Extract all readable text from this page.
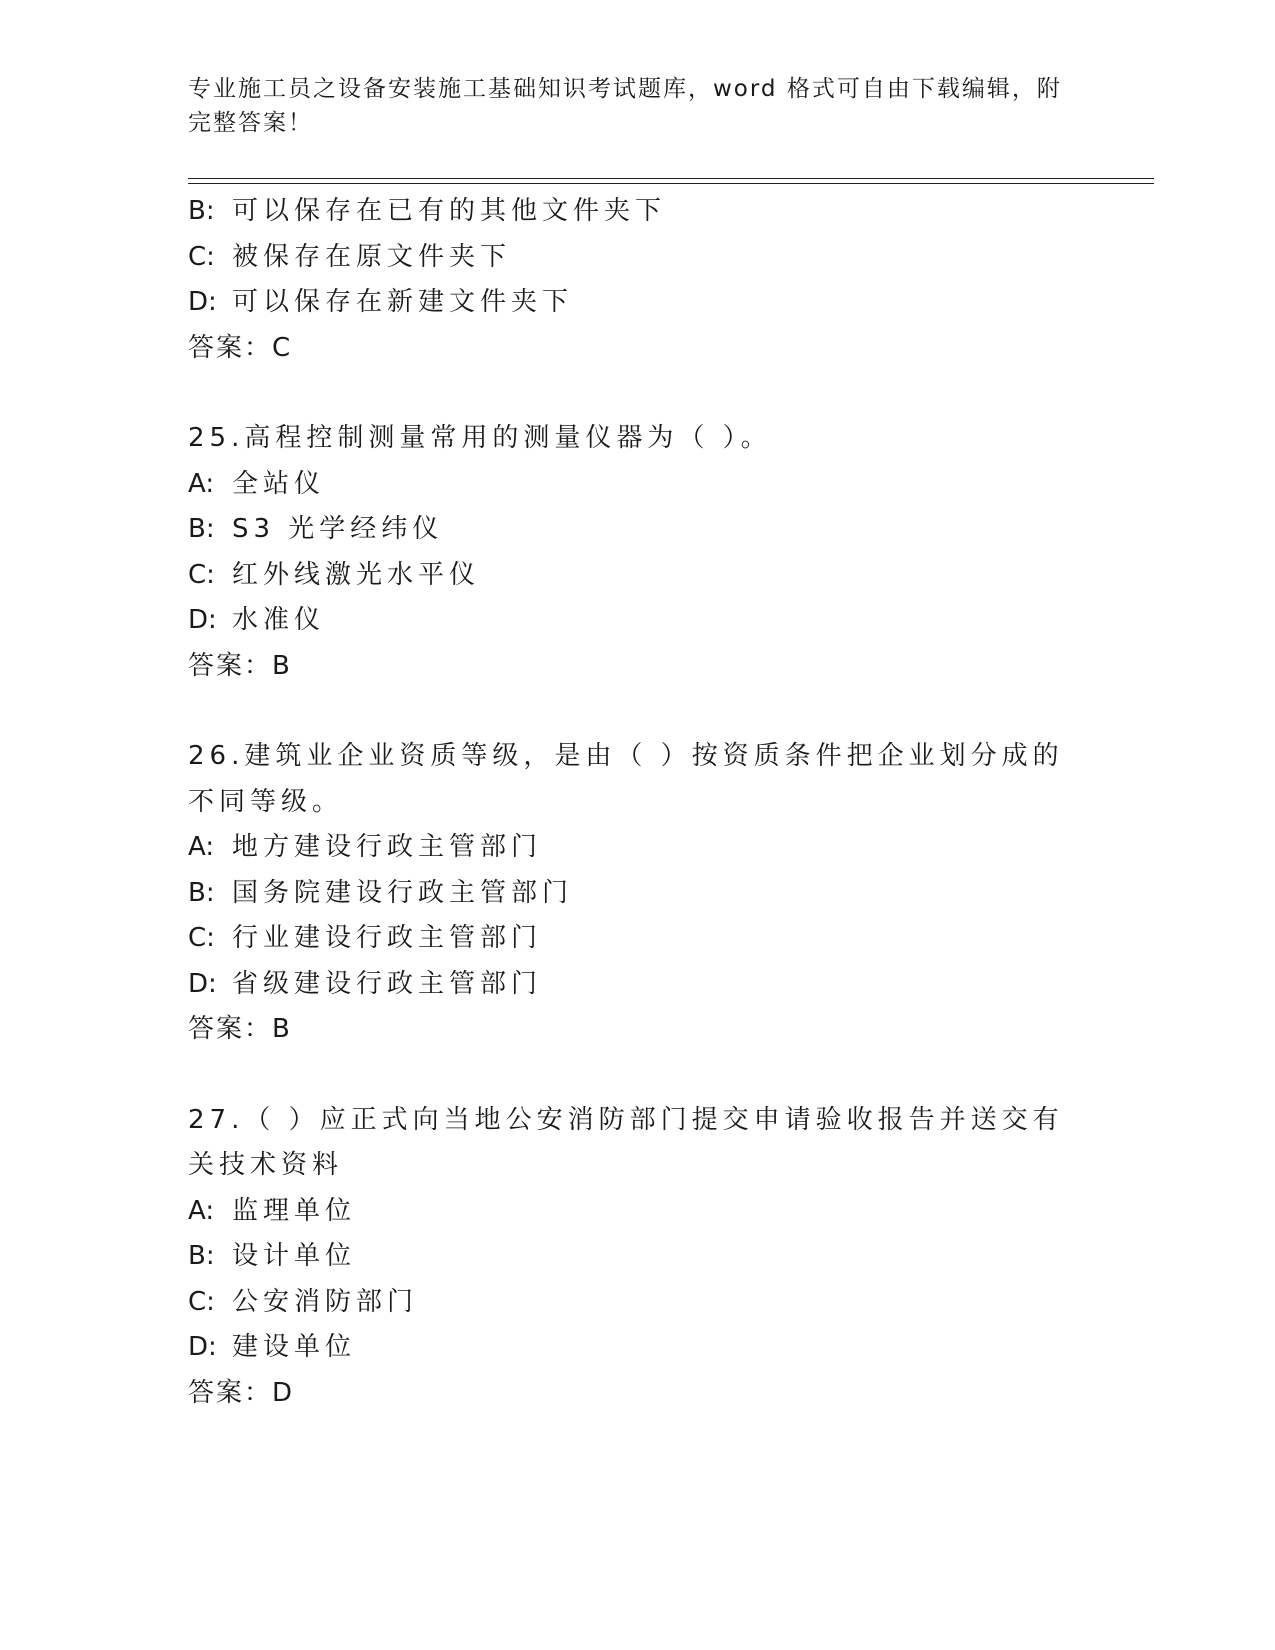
专业施工员之设备安装施工基础知识考试题库，word 格式可自由下载编辑，附完整答案！
B: 可以保存在已有的其他文件夹下
C: 被保存在原文件夹下
D: 可以保存在新建文件夹下
答案：C
25.高程控制测量常用的测量仪器为（ ）。
A: 全站仪
B: S3 光学经纬仪
C: 红外线激光水平仪
D: 水准仪
答案：B
26.建筑业企业资质等级，是由（ ）按资质条件把企业划分成的不同等级。
A: 地方建设行政主管部门
B: 国务院建设行政主管部门
C: 行业建设行政主管部门
D: 省级建设行政主管部门
答案：B
27.（ ）应正式向当地公安消防部门提交申请验收报告并送交有关技术资料
A: 监理单位
B: 设计单位
C: 公安消防部门
D: 建设单位
答案：D
